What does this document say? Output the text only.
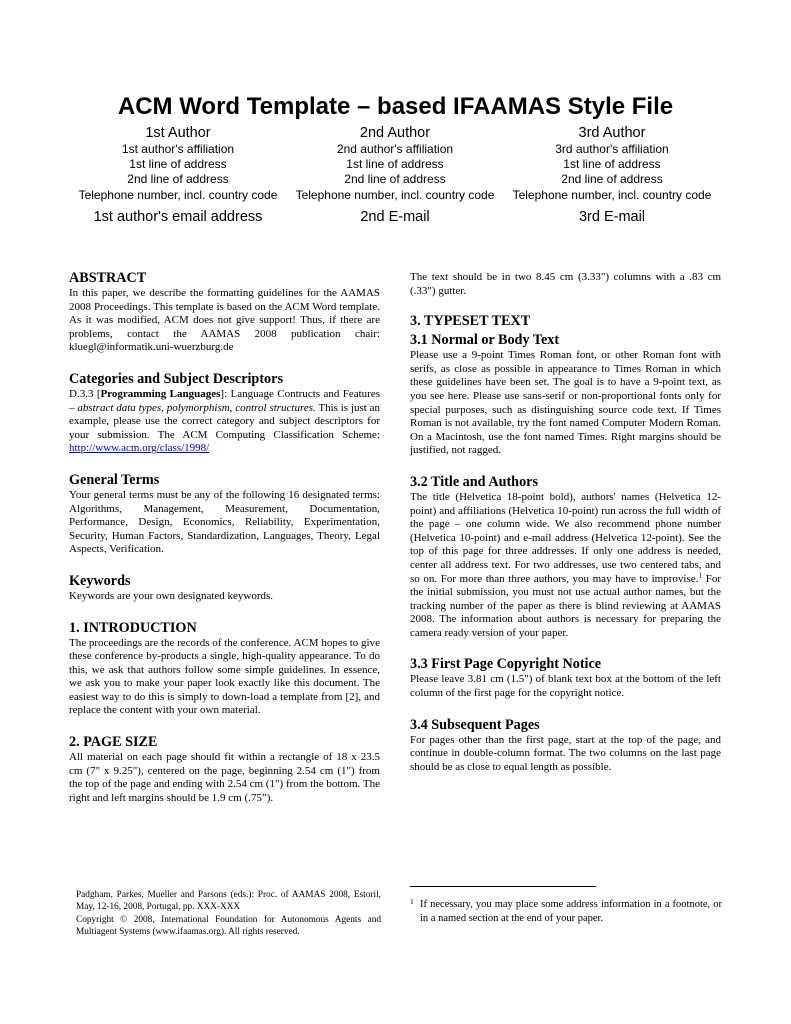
ACM Word Template – based IFAAMAS Style File
1st Author
1st author's affiliation
1st line of address
2nd line of address
Telephone number, incl. country code
1st author's email address
2nd Author
2nd author's affiliation
1st line of address
2nd line of address
Telephone number, incl. country code
2nd E-mail
3rd Author
3rd author's affiliation
1st line of address
2nd line of address
Telephone number, incl. country code
3rd E-mail
ABSTRACT

In this paper, we describe the formatting guidelines for the AAMAS 2008 Proceedings. This template is based on the ACM Word template. As it was modified, ACM does not give support! Thus, if there are problems, contact the AAMAS 2008 publication chair: kluegl@informatik.uni-wuerzburg.de

Categories and Subject Descriptors

D.3.3 [Programming Languages]: Language Contructs and Features – abstract data types, polymorphism, control structures. This is just an example, please use the correct category and subject descriptors for your submission. The ACM Computing Classification Scheme: http://www.acm.org/class/1998/

General Terms

Your general terms must be any of the following 16 designated terms: Algorithms, Management, Measurement, Documentation, Performance, Design, Economics, Reliability, Experimentation, Security, Human Factors, Standardization, Languages, Theory, Legal Aspects, Verification.

Keywords

Keywords are your own designated keywords.

1. INTRODUCTION

The proceedings are the records of the conference. ACM hopes to give these conference by-products a single, high-quality appearance. To do this, we ask that authors follow some simple guidelines. In essence, we ask you to make your paper look exactly like this document. The easiest way to do this is simply to down-load a template from [2], and replace the content with your own material.

2. PAGE SIZE

All material on each page should fit within a rectangle of 18 x 23.5 cm (7" x 9.25"), centered on the page, beginning 2.54 cm (1") from the top of the page and ending with 2.54 cm (1") from the bottom. The right and left margins should be 1.9 cm (.75”).

The text should be in two 8.45 cm (3.33") columns with a .83 cm (.33") gutter.

3. TYPESET TEXT
3.1 Normal or Body Text

Please use a 9-point Times Roman font, or other Roman font with serifs, as close as possible in appearance to Times Roman in which these guidelines have been set. The goal is to have a 9-point text, as you see here. Please use sans-serif or non-proportional fonts only for special purposes, such as distinguishing source code text. If Times Roman is not available, try the font named Computer Modern Roman. On a Macintosh, use the font named Times. Right margins should be justified, not ragged.

3.2 Title and Authors

The title (Helvetica 18-point bold), authors' names (Helvetica 12-point) and affiliations (Helvetica 10-point) run across the full width of the page – one column wide. We also recommend phone number (Helvetica 10-point) and e-mail address (Helvetica 12-point). See the top of this page for three addresses. If only one address is needed, center all address text. For two addresses, use two centered tabs, and so on. For more than three authors, you may have to improvise.$^1$ For the initial submission, you must not use actual author names, but the tracking number of the paper as there is blind reviewing at AAMAS 2008. The information about authors is necessary for preparing the camera ready version of your paper.

3.3 First Page Copyright Notice

Please leave 3.81 cm (1.5") of blank text box at the bottom of the left column of the first page for the copyright notice.

3.4 Subsequent Pages

For pages other than the first page, start at the top of the page, and continue in double-column format. The two columns on the last page should be as close to equal length as possible.

Padgham, Parkes, Mueller and Parsons (eds.): Proc. of AAMAS 2008, Estoril, May, 12-16, 2008, Portugal, pp. XXX-XXX
Copyright © 2008, International Foundation for Autonomous Agents and Multiagent Systems (www.ifaamas.org). All rights reserved.
1 If necessary, you may place some address information in a footnote, or in a named section at the end of your paper.
